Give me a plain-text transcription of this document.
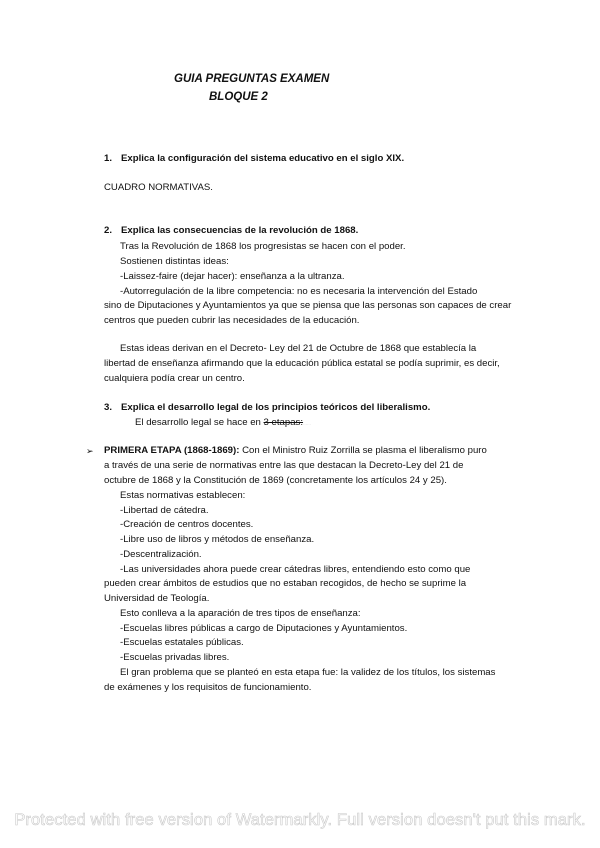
GUIA PREGUNTAS EXAMEN
BLOQUE 2
1. Explica la configuración del sistema educativo en el siglo XIX.
CUADRO NORMATIVAS.
2. Explica las consecuencias de la revolución de 1868.
Tras la Revolución de 1868 los progresistas se hacen con el poder.
Sostienen distintas ideas:
-Laissez-faire (dejar hacer): enseñanza a la ultranza.
-Autorregulación de la libre competencia: no es necesaria la intervención del Estado
sino de Diputaciones y Ayuntamientos ya que se piensa que las personas son capaces de crear
centros que pueden cubrir las necesidades de la educación.
Estas ideas derivan en el Decreto- Ley del 21 de Octubre de 1868 que establecía la
libertad de enseñanza afirmando que la educación pública estatal se podía suprimir, es decir,
cualquiera podía crear un centro.
3. Explica el desarrollo legal de los principios teóricos del liberalismo.
El desarrollo legal se hace en 3 etapas:……
➢ PRIMERA ETAPA (1868-1869): Con el Ministro Ruiz Zorrilla se plasma el liberalismo puro
a través de una serie de normativas entre las que destacan la Decreto-Ley del 21 de
octubre de 1868 y la Constitución de 1869 (concretamente los artículos 24 y 25).
Estas normativas establecen:
-Libertad de cátedra.
-Creación de centros docentes.
-Libre uso de libros y métodos de enseñanza.
-Descentralización.
-Las universidades ahora puede crear cátedras libres, entendiendo esto como que
pueden crear ámbitos de estudios que no estaban recogidos, de hecho se suprime la
Universidad de Teología.
Esto conlleva a la aparación de tres tipos de enseñanza:
-Escuelas libres públicas a cargo de Diputaciones y Ayuntamientos.
-Escuelas estatales públicas.
-Escuelas privadas libres.
El gran problema que se planteó en esta etapa fue: la validez de los títulos, los sistemas
de exámenes y los requisitos de funcionamiento.
Protected with free version of Watermarkly. Full version doesn't put this mark.
